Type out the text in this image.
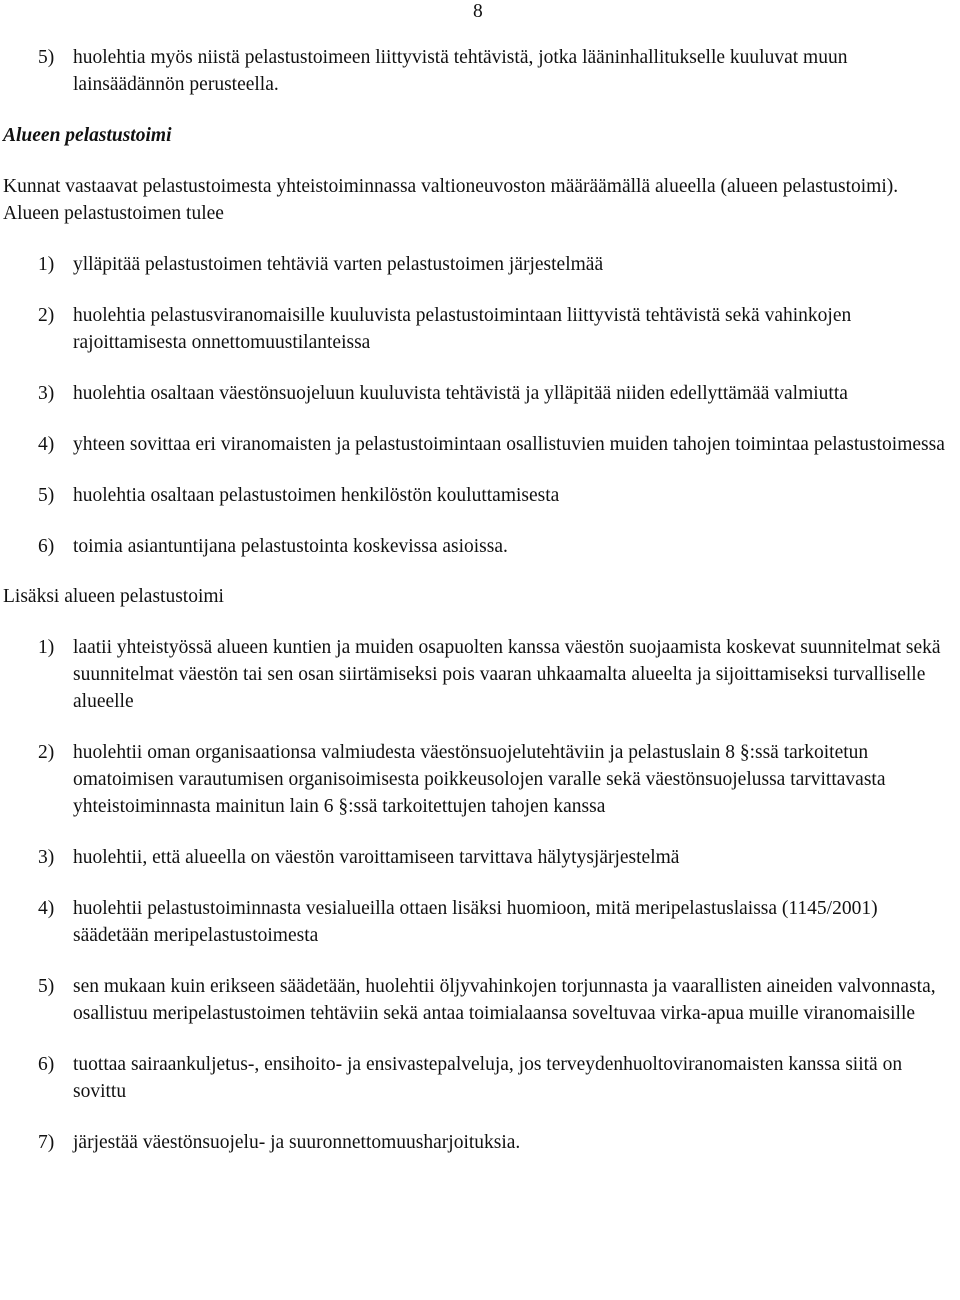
8
5) huolehtia myös niistä pelastustoimeen liittyvistä tehtävistä, jotka lääninhallitukselle kuuluvat muun lainsäädännön perusteella.
Alueen pelastustoimi
Kunnat vastaavat pelastustoimesta yhteistoiminnassa valtioneuvoston määräämällä alueella (alueen pelastustoimi). Alueen pelastustoimen tulee
1) ylläpitää pelastustoimen tehtäviä varten pelastustoimen järjestelmää
2) huolehtia pelastusviranomaisille kuuluvista pelastustoimintaan liittyvistä tehtävistä sekä vahinkojen rajoittamisesta onnettomuustilanteissa
3) huolehtia osaltaan väestönsuojeluun kuuluvista tehtävistä ja ylläpitää niiden edellyttämää valmiutta
4) yhteen sovittaa eri viranomaisten ja pelastustoimintaan osallistuvien muiden tahojen toimintaa pelastustoimessa
5) huolehtia osaltaan pelastustoimen henkilöstön kouluttamisesta
6) toimia asiantuntijana pelastustointa koskevissa asioissa.
Lisäksi alueen pelastustoimi
1) laatii yhteistyössä alueen kuntien ja muiden osapuolten kanssa väestön suojaamista koskevat suunnitelmat sekä suunnitelmat väestön tai sen osan siirtämiseksi pois vaaran uhkaamalta alueelta ja sijoittamiseksi turvalliselle alueelle
2) huolehtii oman organisaationsa valmiudesta väestönsuojelutehtäviin ja pelastuslain 8 §:ssä tarkoitetun omatoimisen varautumisen organisoimisesta poikkeusolojen varalle sekä väestönsuojelussa tarvittavasta yhteistoiminnasta mainitun lain 6 §:ssä tarkoitettujen tahojen kanssa
3) huolehtii, että alueella on väestön varoittamiseen tarvittava hälytysjärjestelmä
4) huolehtii pelastustoiminnasta vesialueilla ottaen lisäksi huomioon, mitä meripelastuslaissa (1145/2001) säädetään meripelastustoimesta
5) sen mukaan kuin erikseen säädetään, huolehtii öljyvahinkojen torjunnasta ja vaarallisten aineiden valvonnasta, osallistuu meripelastustoimen tehtäviin sekä antaa toimialaansa soveltuvaa virka-apua muille viranomaisille
6) tuottaa sairaankuljetus-, ensihoito- ja ensivastepalveluja, jos terveydenhuoltoviranomaisten kanssa siitä on sovittu
7) järjestää väestönsuojelu- ja suuronnettomuusharjoituksia.
